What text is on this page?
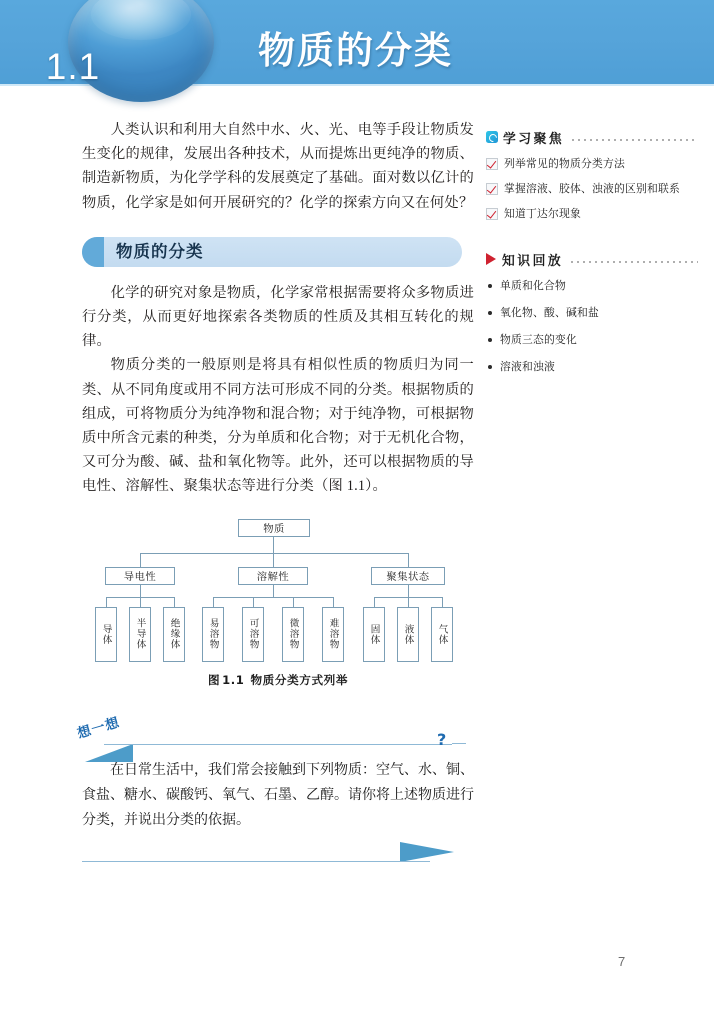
1.1	物质的分类

人类认识和利用大自然中水、火、光、电等手段让物质发生变化的规律，发展出各种技术，从而提炼出更纯净的物质、制造新物质，为化学学科的发展奠定了基础。面对数以亿计的物质，化学家是如何开展研究的？化学的探索方向又在何处？

物质的分类

化学的研究对象是物质，化学家常根据需要将众多物质进行分类，从而更好地探索各类物质的性质及其相互转化的规律。

物质分类的一般原则是将具有相似性质的物质归为同一类、从不同角度或用不同方法可形成不同的分类。根据物质的组成，可将物质分为纯净物和混合物；对于纯净物，可根据物质中所含元素的种类，分为单质和化合物；对于无机化合物，又可分为酸、碱、盐和氧化物等。此外，还可以根据物质的导电性、溶解性、聚集状态等进行分类（图 1.1）。

物质
导电性	溶解性	聚集状态
导体	半导体	绝缘体	易溶物	可溶物	微溶物	难溶物	固体	液体	气体
图 1.1 物质分类方式列举
想一想	?
在日常生活中，我们常会接触到下列物质：空气、水、铜、食盐、糖水、碳酸钙、氧气、石墨、乙醇。请你将上述物质进行分类，并说出分类的依据。
学习聚焦
列举常见的物质分类方法
掌握溶液、胶体、浊液的区别和联系
知道丁达尔现象
知识回放
单质和化合物
氧化物、酸、碱和盐
物质三态的变化
溶液和浊液
7
